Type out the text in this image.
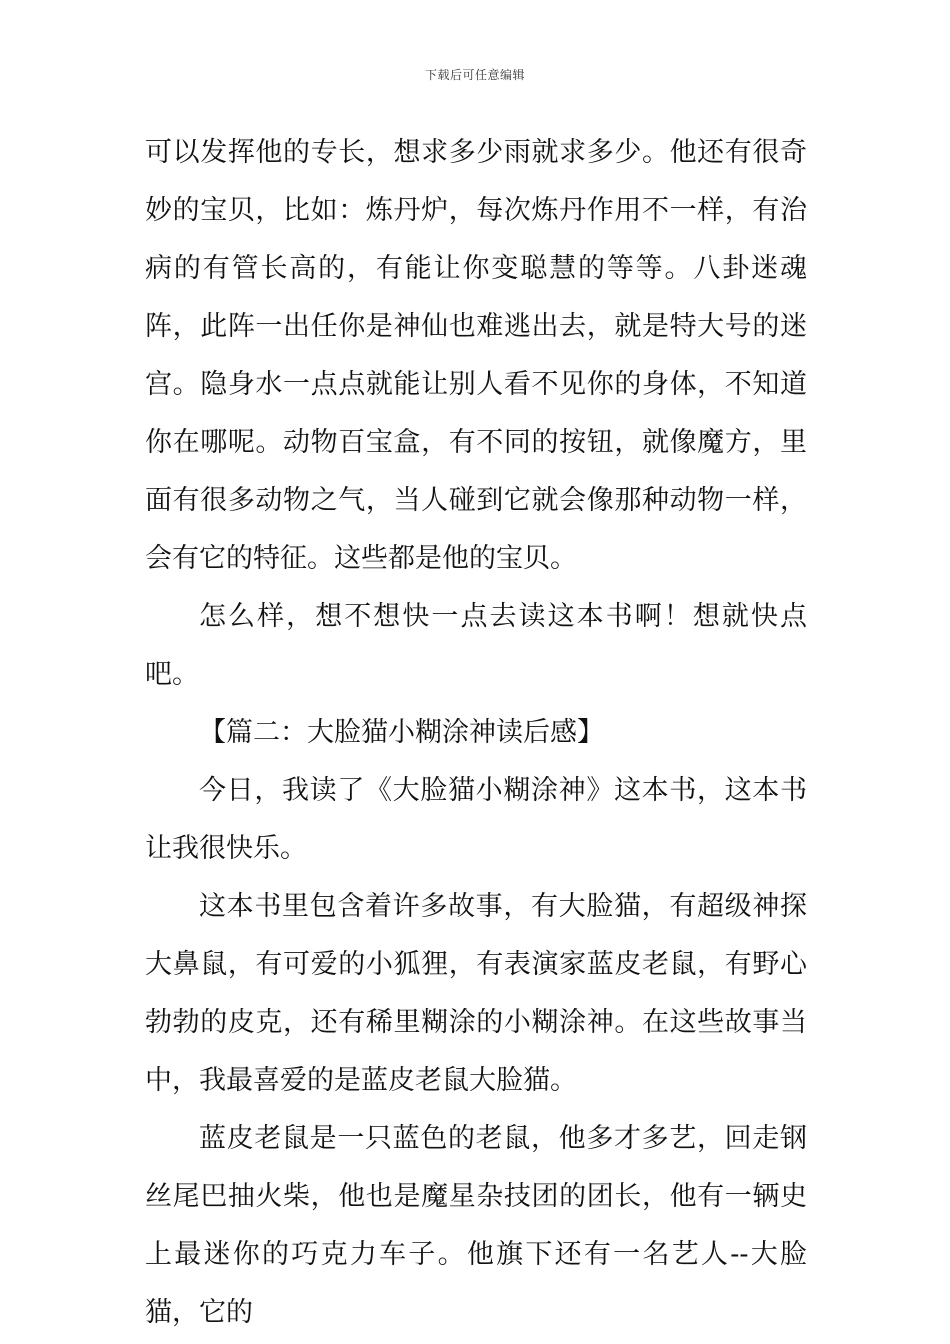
下载后可任意编辑

可以发挥他的专长，想求多少雨就求多少。他还有很奇妙的宝贝，比如：炼丹炉，每次炼丹作用不一样，有治病的有管长高的，有能让你变聪慧的等等。八卦迷魂阵，此阵一出任你是神仙也难逃出去，就是特大号的迷宫。隐身水一点点就能让别人看不见你的身体，不知道你在哪呢。动物百宝盒，有不同的按钮，就像魔方，里面有很多动物之气，当人碰到它就会像那种动物一样，会有它的特征。这些都是他的宝贝。

怎么样，想不想快一点去读这本书啊！想就快点吧。

【篇二：大脸猫小糊涂神读后感】

今日，我读了《大脸猫小糊涂神》这本书，这本书让我很快乐。

这本书里包含着许多故事，有大脸猫，有超级神探大鼻鼠，有可爱的小狐狸，有表演家蓝皮老鼠，有野心勃勃的皮克，还有稀里糊涂的小糊涂神。在这些故事当中，我最喜爱的是蓝皮老鼠大脸猫。

蓝皮老鼠是一只蓝色的老鼠，他多才多艺，回走钢丝尾巴抽火柴，他也是魔星杂技团的团长，他有一辆史上最迷你的巧克力车子。他旗下还有一名艺人--大脸猫，它的
